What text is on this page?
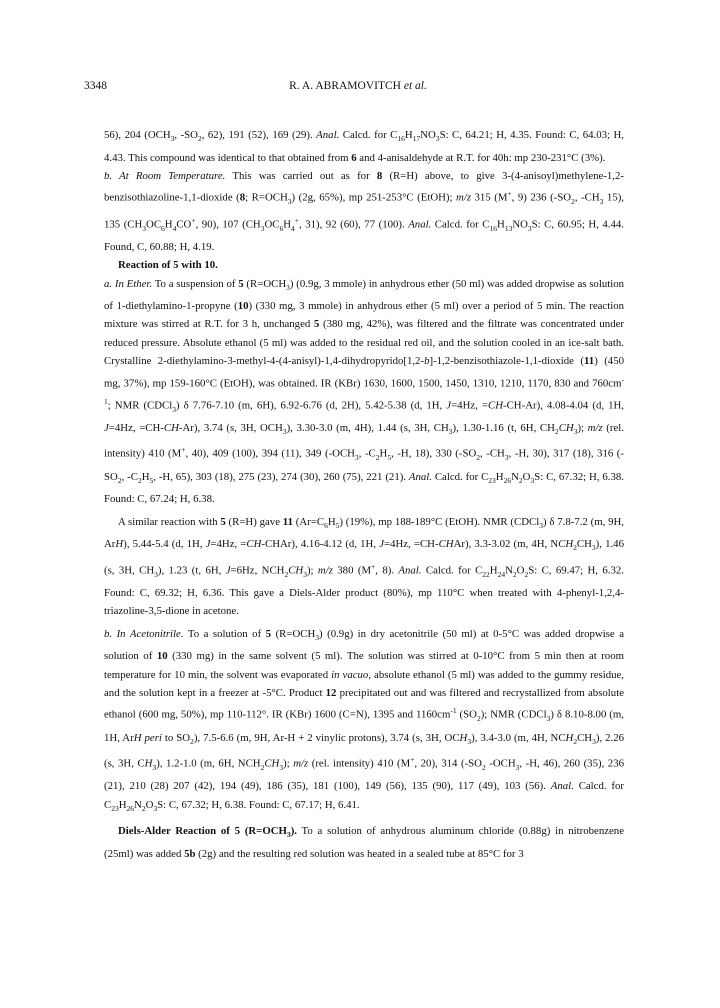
3348	R. A. ABRAMOVITCH et al.

56), 204 ($OCH_3$, $-SO_2$, 62), 191 (52), 169 (29). Anal. Calcd. for $C_{16}H_{17}NO_3S$: C, 64.21; H, 4.35. Found: C, 64.03; H, 4.43. This compound was identical to that obtained from 6 and 4-anisaldehyde at R.T. for 40h: mp 230-231°C (3%).

b. At Room Temperature. This was carried out as for 8 (R=H) above, to give 3-(4-anisoyl)methylene-1,2-benzisothiazoline-1,1-dioxide (8; $R=OCH_3$) (2g, 65%), mp 251-253°C (EtOH); m/z 315 (M+, 9) 236 ($-SO_2$, $-CH_3$ 15), 135 ($CH_3OC_6H_4CO^+$, 90), 107 ($CH_3OC_6H_4^+$, 31), 92 (60), 77 (100). Anal. Calcd. for $C_{16}H_{13}NO_3S$: C, 60.95; H, 4.44. Found, C, 60.88; H, 4.19.

Reaction of 5 with 10.

a. In Ether. To a suspension of 5 $(R=OCH_3)$ (0.9g, 3 mmole) in anhydrous ether (50 ml) was added dropwise as solution of 1-diethylamino-1-propyne (10) (330 mg, 3 mmole) in anhydrous ether (5 ml) over a period of 5 min. The reaction mixture was stirred at R.T. for 3 h, unchanged 5 (380 mg, 42%), was filtered and the filtrate was concentrated under reduced pressure. Absolute ethanol (5 ml) was added to the residual red oil, and the solution cooled in an ice-salt bath. Crystalline 2-diethylamino-3-methyl-4-(4-anisyl)-1,4-dihydropyrido[1,2-b]-1,2-benzisothiazole-1,1-dioxide (11) (450 mg, 37%), mp 159-160°C (EtOH), was obtained. IR (KBr) 1630, 1600, 1500, 1450, 1310, 1210, 1170, 830 and $760cm^{-1}$; NMR (CDCl$_3$) δ 7.76-7.10 (m, 6H), 6.92-6.76 (d, 2H), 5.42-5.38 (d, 1H, J=4Hz, =CH-CH-Ar), 4.08-4.04 (d, 1H, J=4Hz, =CH-CH-Ar), 3.74 (s, 3H, $OCH_3$), 3.30-3.0 (m, 4H), 1.44 (s, 3H, $CH_3$), 1.30-1.16 (t, 6H, $CH_2CH_3$); m/z (rel. intensity) 410 (M+, 40), 409 (100), 394 (11), 349 ($-OCH_3$, $-C_2H_5$, -H, 18), 330 ($-SO_2$, $-CH_3$, -H, 30), 317 (18), 316 ($-SO_2$, $-C_2H_5$, -H, 65), 303 (18), 275 (23), 274 (30), 260 (75), 221 (21). Anal. Calcd. for $C_{23}H_{26}N_2O_3S$: C, 67.32; H, 6.38. Found: C, 67.24; H, 6.38.

A similar reaction with 5 (R=H) gave 11 $(Ar=C_6H_5)$ (19%), mp 188-189°C (EtOH). NMR (CDCl$_3$) δ 7.8-7.2 (m, 9H, ArH), 5.44-5.4 (d, 1H, J=4Hz, =CH-CHAr), 4.16-4.12 (d, 1H, J=4Hz, =CH-CHAr), 3.3-3.02 (m, 4H, $NCH_2CH_3$), 1.46 (s, 3H, $CH_3$), 1.23 (t, 6H, J=6Hz, $NCH_2CH_3$); m/z 380 (M+, 8). Anal. Calcd. for $C_{22}H_{24}N_2O_2S$: C, 69.47; H, 6.32. Found: C, 69.32; H, 6.36. This gave a Diels-Alder product (80%), mp 110°C when treated with 4-phenyl-1,2,4-triazoline-3,5-dione in acetone.

b. In Acetonitrile. To a solution of 5 $(R=OCH_3)$ (0.9g) in dry acetonitrile (50 ml) at 0-5°C was added dropwise a solution of 10 (330 mg) in the same solvent (5 ml). The solution was stirred at 0-10°C from 5 min then at room temperature for 10 min, the solvent was evaporated in vacuo, absolute ethanol (5 ml) was added to the gummy residue, and the solution kept in a freezer at -5°C. Product 12 precipitated out and was filtered and recrystallized from absolute ethanol (600 mg, 50%), mp 110-112°. IR (KBr) 1600 (C=N), 1395 and $1160cm^{-1}$ $(SO_2)$; NMR (CDCl$_3$) δ 8.10-8.00 (m, 1H, ArH peri to $SO_2$), 7.5-6.6 (m, 9H, Ar-H + 2 vinylic protons), 3.74 (s, 3H, $OCH_3$), 3.4-3.0 (m, 4H, $NCH_2CH_3$), 2.26 (s, 3H, $CH_3$), 1.2-1.0 (m, 6H, $NCH_2CH_3$); m/z (rel. intensity) 410 (M+, 20), 314 ($-SO_2$ $-OCH_3$, -H, 46), 260 (35), 236 (21), 210 (28) 207 (42), 194 (49), 186 (35), 181 (100), 149 (56), 135 (90), 117 (49), 103 (56). Anal. Calcd. for $C_{23}H_{26}N_2O_3S$: C, 67.32; H, 6.38. Found: C, 67.17; H, 6.41.

Diels-Alder Reaction of 5 $(R=OCH_3)$. To a solution of anhydrous aluminum chloride (0.88g) in nitrobenzene (25ml) was added 5b (2g) and the resulting red solution was heated in a sealed tube at 85°C for 3
